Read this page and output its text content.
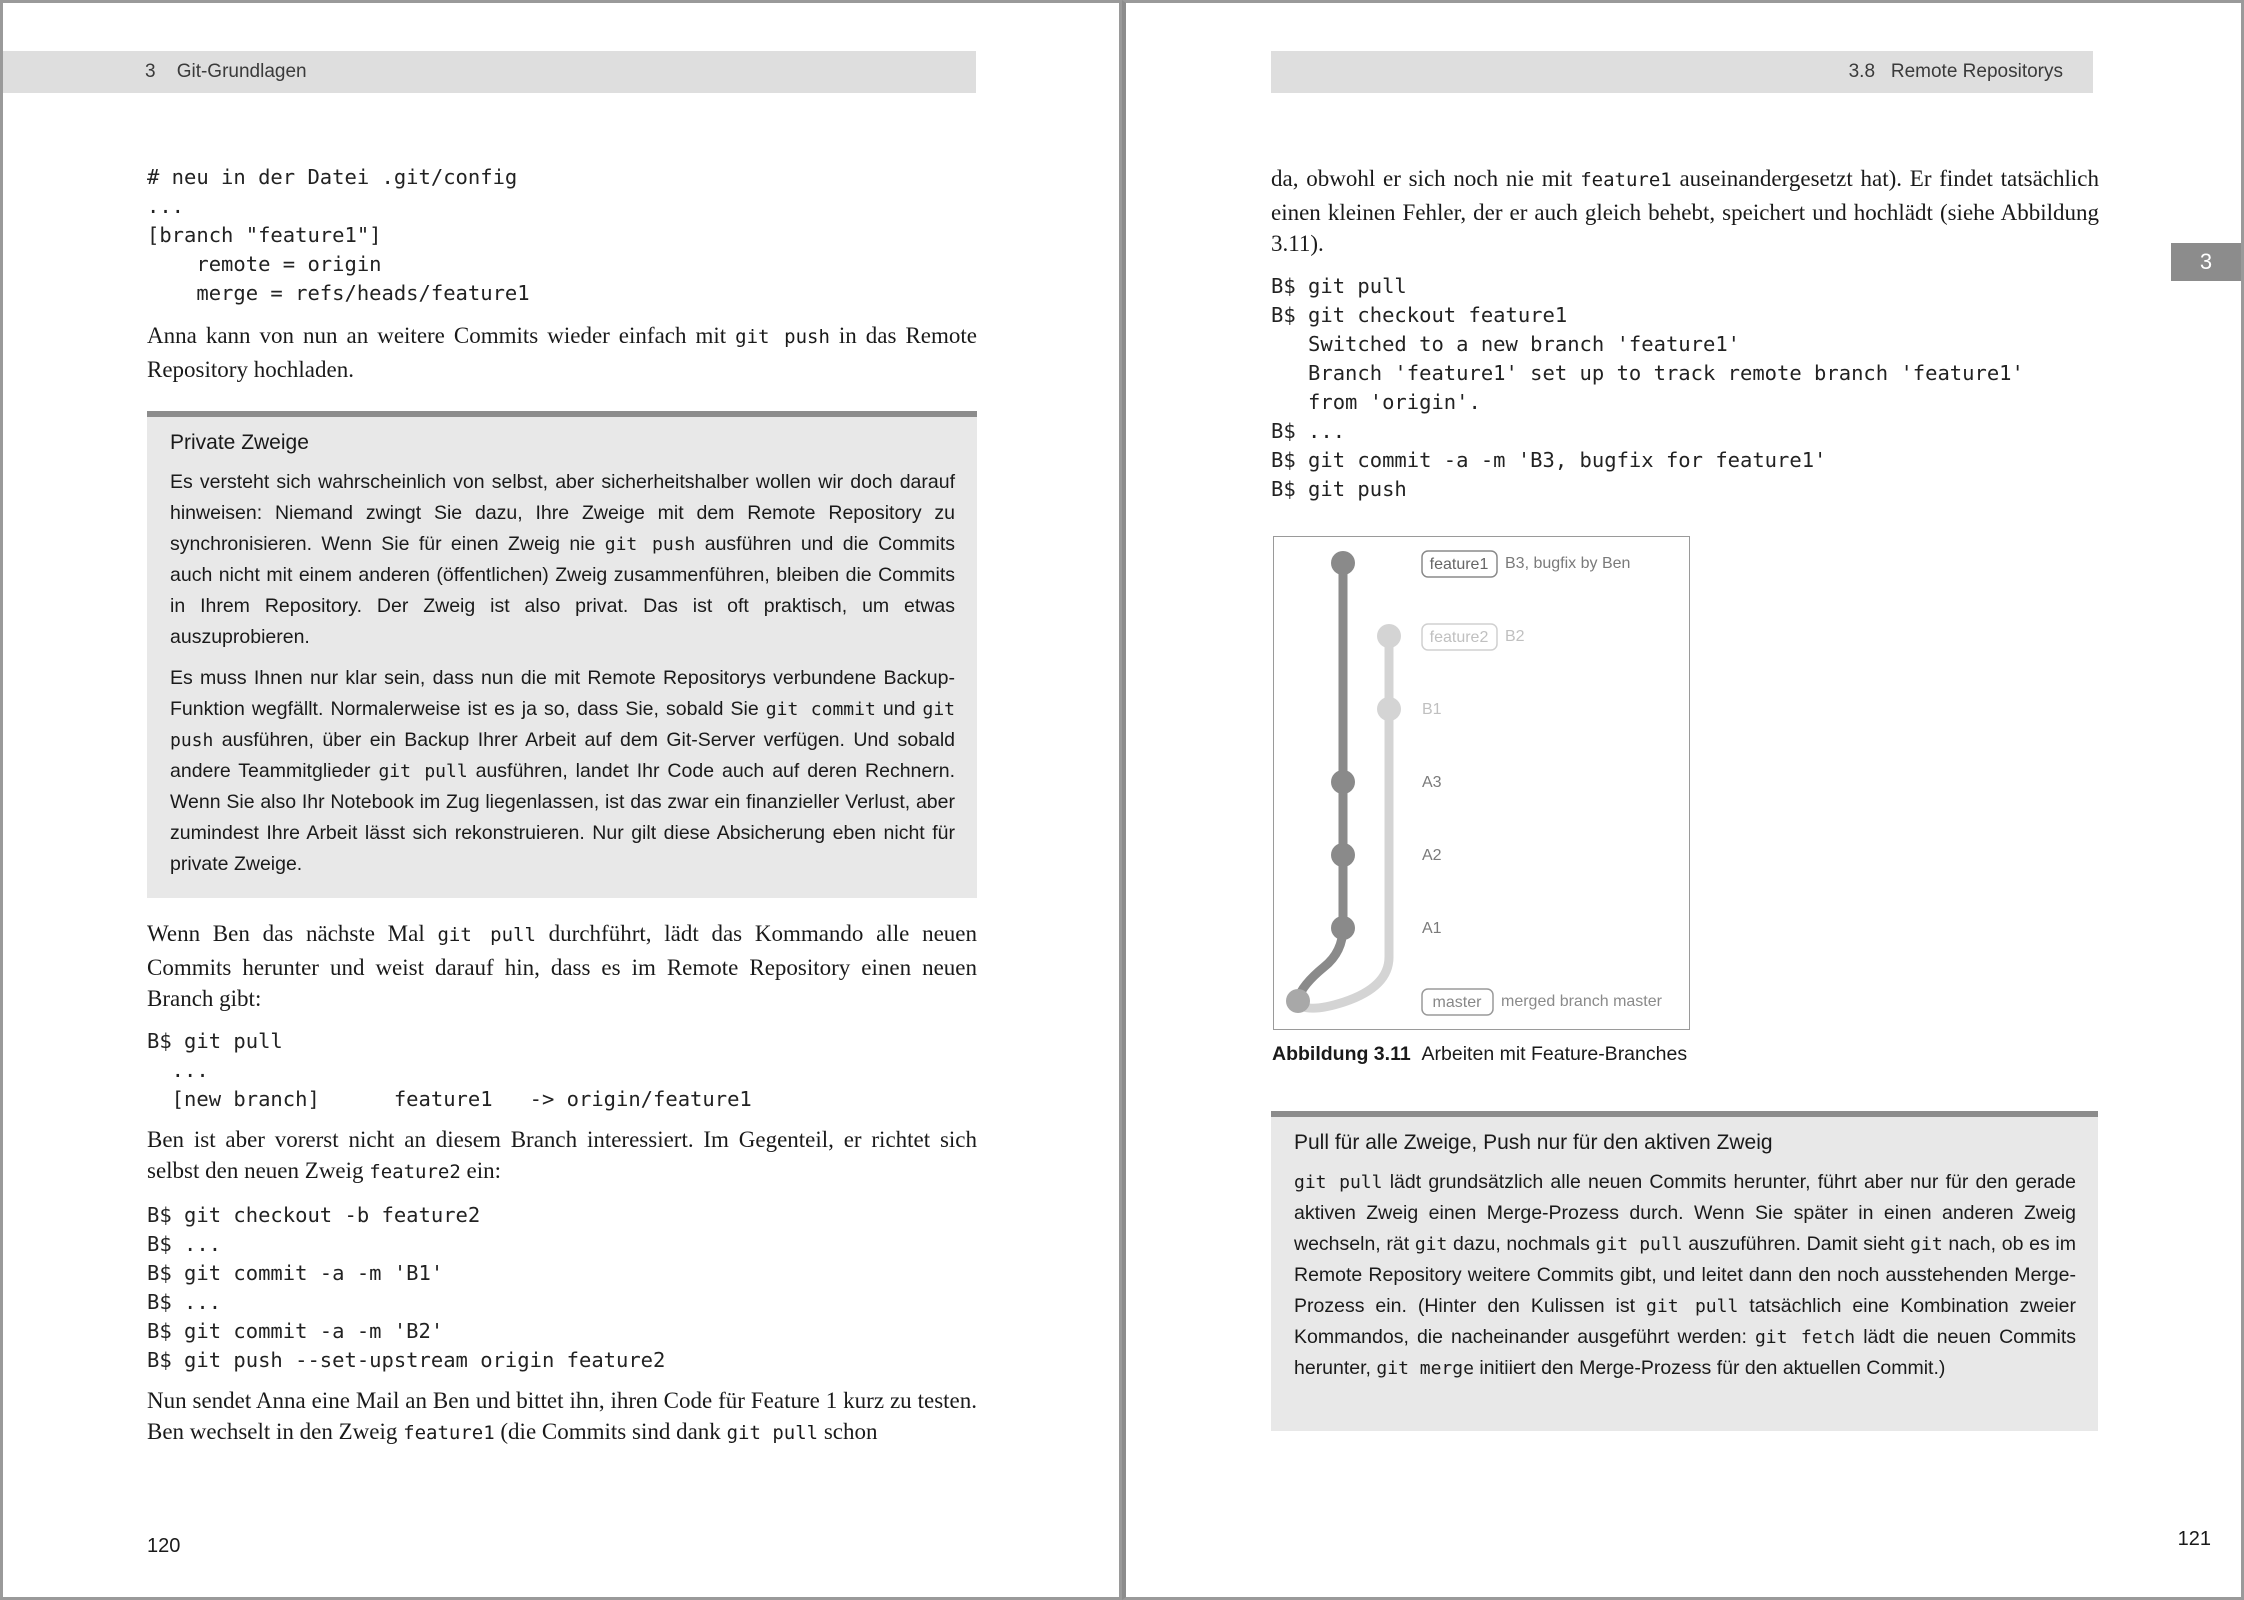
3 Git-Grundlagen
# neu in der Datei .git/config
...
[branch "feature1"]
remote = origin
merge = refs/heads/feature1

Anna kann von nun an weitere Commits wieder einfach mit git push in das Remote Repository hochladen.

Private Zweige

Es versteht sich wahrscheinlich von selbst, aber sicherheitshalber wollen wir doch darauf hinweisen: Niemand zwingt Sie dazu, Ihre Zweige mit dem Remote Repository zu synchronisieren. Wenn Sie für einen Zweig nie git push ausführen und die Commits auch nicht mit einem anderen (öffentlichen) Zweig zusammenführen, bleiben die Commits in Ihrem Repository. Der Zweig ist also privat. Das ist oft praktisch, um etwas auszuprobieren.

Es muss Ihnen nur klar sein, dass nun die mit Remote Repositorys verbundene Backup-Funktion wegfällt. Normalerweise ist es ja so, dass Sie, sobald Sie git commit und git push ausführen, über ein Backup Ihrer Arbeit auf dem Git-Server verfügen. Und sobald andere Teammitglieder git pull ausführen, landet Ihr Code auch auf deren Rechnern. Wenn Sie also Ihr Notebook im Zug liegenlassen, ist das zwar ein finanzieller Verlust, aber zumindest Ihre Arbeit lässt sich rekonstruieren. Nur gilt diese Absicherung eben nicht für private Zweige.

Wenn Ben das nächste Mal git pull durchführt, lädt das Kommando alle neuen Commits herunter und weist darauf hin, dass es im Remote Repository einen neuen Branch gibt:

B$ git pull
...
[new branch]      feature1   -> origin/feature1

Ben ist aber vorerst nicht an diesem Branch interessiert. Im Gegenteil, er richtet sich selbst den neuen Zweig feature2 ein:

B$ git checkout -b feature2
B$ ...
B$ git commit -a -m 'B1'
B$ ...
B$ git commit -a -m 'B2'
B$ git push --set-upstream origin feature2

Nun sendet Anna eine Mail an Ben und bittet ihn, ihren Code für Feature 1 kurz zu testen. Ben wechselt in den Zweig feature1 (die Commits sind dank git pull schon

120
3.8 Remote Repositorys
3

da, obwohl er sich noch nie mit feature1 auseinandergesetzt hat). Er findet tatsächlich einen kleinen Fehler, der er auch gleich behebt, speichert und hochlädt (siehe Abbildung 3.11).

B$ git pull
B$ git checkout feature1
Switched to a new branch 'feature1'
Branch 'feature1' set up to track remote branch 'feature1'
from 'origin'.
B$ ...
B$ git commit -a -m 'B3, bugfix for feature1'
B$ git push
feature1 B3, bugfix by Ben
feature2 B2
B1
A3
A2
A1
master merged branch master
Abbildung 3.11 Arbeiten mit Feature-Branches
Pull für alle Zweige, Push nur für den aktiven Zweig

git pull lädt grundsätzlich alle neuen Commits herunter, führt aber nur für den gerade aktiven Zweig einen Merge-Prozess durch. Wenn Sie später in einen anderen Zweig wechseln, rät git dazu, nochmals git pull auszuführen. Damit sieht git nach, ob es im Remote Repository weitere Commits gibt, und leitet dann den noch ausstehenden Merge-Prozess ein. (Hinter den Kulissen ist git pull tatsächlich eine Kombination zweier Kommandos, die nacheinander ausgeführt werden: git fetch lädt die neuen Commits herunter, git merge initiiert den Merge-Prozess für den aktuellen Commit.)

121
